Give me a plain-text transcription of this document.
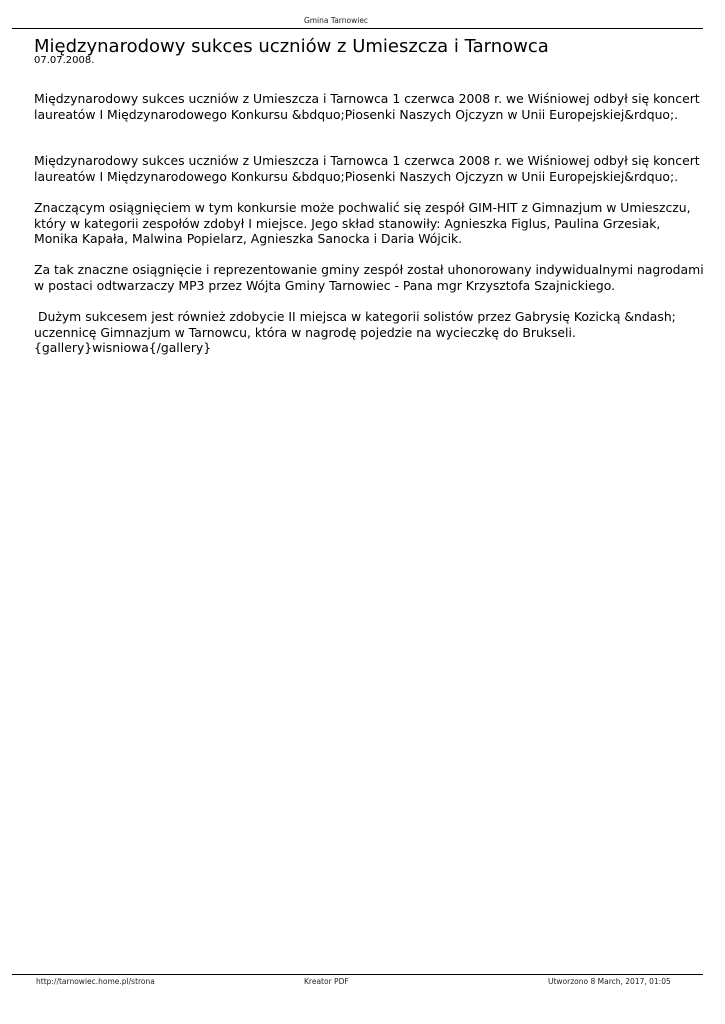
Gmina Tarnowiec
Międzynarodowy sukces uczniów z Umieszcza i Tarnowca
07.07.2008.

Międzynarodowy sukces uczniów z Umieszcza i Tarnowca 1 czerwca 2008 r. we Wiśniowej odbył się koncert laureatów I Międzynarodowego Konkursu &bdquo;Piosenki Naszych Ojczyzn w Unii Europejskiej&rdquo;.

Międzynarodowy sukces uczniów z Umieszcza i Tarnowca 1 czerwca 2008 r. we Wiśniowej odbył się koncert laureatów I Międzynarodowego Konkursu &bdquo;Piosenki Naszych Ojczyzn w Unii Europejskiej&rdquo;.

Znaczącym osiągnięciem w tym konkursie może pochwalić się zespół GIM-HIT z Gimnazjum w Umieszczu, który w kategorii zespołów zdobył I miejsce. Jego skład stanowiły: Agnieszka Figlus, Paulina Grzesiak, Monika Kapała, Malwina Popielarz, Agnieszka Sanocka i Daria Wójcik.

Za tak znaczne osiągnięcie i reprezentowanie gminy zespół został uhonorowany indywidualnymi nagrodami w postaci odtwarzaczy MP3 przez Wójta Gminy Tarnowiec - Pana mgr Krzysztofa Szajnickiego.

Dużym sukcesem jest również zdobycie II miejsca w kategorii solistów przez Gabrysię Kozicką &ndash; uczennicę Gimnazjum w Tarnowcu, która w nagrodę pojedzie na wycieczkę do Brukseli. {gallery}wisniowa{/gallery}

http://tarnowiec.home.pl/strona	Kreator PDF	Utworzono 8 March, 2017, 01:05
